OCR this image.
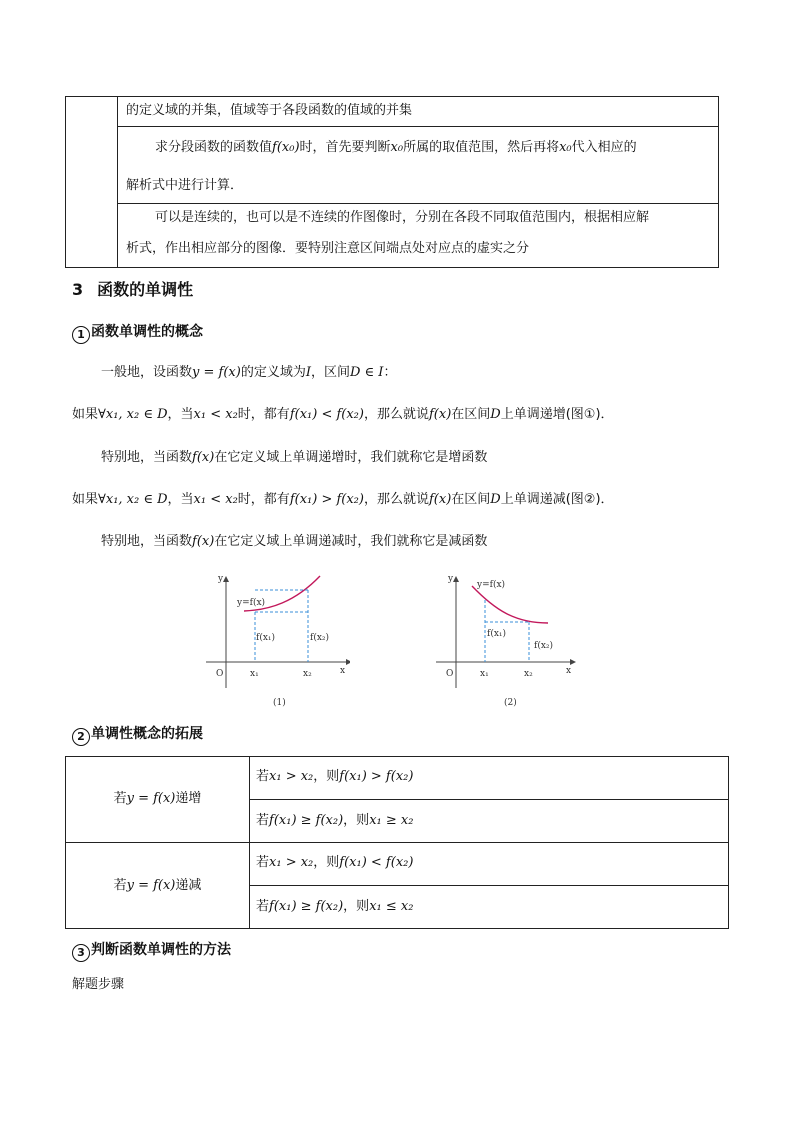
的定义域的并集，值域等于各段函数的值域的并集
求分段函数的函数值f(x₀)时，首先要判断x₀所属的取值范围，然后再将x₀代入相应的
解析式中进行计算．
可以是连续的，也可以是不连续的作图像时，分别在各段不同取值范围内，根据相应解
析式，作出相应部分的图像．要特别注意区间端点处对应点的虚实之分
3 函数的单调性
1 函数单调性的概念
一般地，设函数y = f(x)的定义域为I，区间D ∈ I：
如果∀x₁, x₂ ∈ D，当x₁ < x₂时，都有f(x₁) < f(x₂)，那么就说f(x)在区间D上单调递增(图①)．
特别地，当函数f(x)在它定义域上单调递增时，我们就称它是增函数
如果∀x₁, x₂ ∈ D，当x₁ < x₂时，都有f(x₁) > f(x₂)，那么就说f(x)在区间D上单调递减(图②)．
特别地，当函数f(x)在它定义域上单调递减时，我们就称它是减函数
y
x
O
y=f(x)
f(x₁)	f(x₂)
x₁	x₂
(1)
y
x
O
y=f(x)
f(x₁)
f(x₂)
x₁	x₂
(2)
2 单调性概念的拓展
若 y = f(x) 递增
若x₁ > x₂，则f(x₁) > f(x₂)
若f(x₁) ≥ f(x₂)，则x₁ ≥ x₂
若 y = f(x) 递减
若x₁ > x₂，则f(x₁) < f(x₂)
若f(x₁) ≥ f(x₂)，则x₁ ≤ x₂
3 判断函数单调性的方法
解题步骤
